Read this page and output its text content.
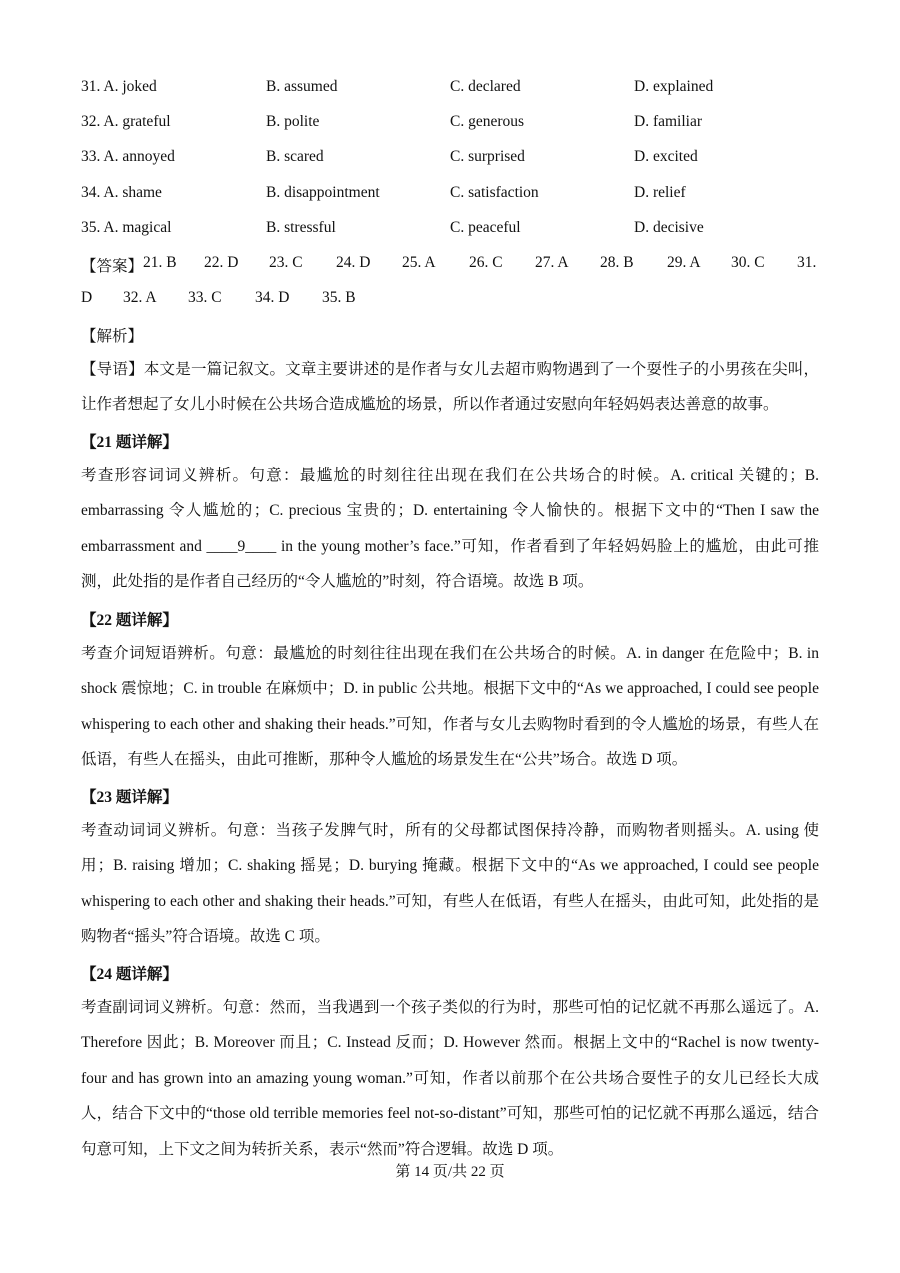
31. A. joked	B. assumed	C. declared	D. explained
32. A. grateful	B. polite	C. generous	D. familiar
33. A. annoyed	B. scared	C. surprised	D. excited
34. A. shame	B. disappointment	C. satisfaction	D. relief
35. A. magical	B. stressful	C. peaceful	D. decisive
【答案】 21. B 22. D 23. C 24. D 25. A 26. C 27. A 28. B 29. A 30. C 31.
D 32. A 33. C 34. D 35. B
【解析】
【导语】本文是一篇记叙文。文章主要讲述的是作者与女儿去超市购物遇到了一个耍性子的小男孩在尖叫，让作者想起了女儿小时候在公共场合造成尴尬的场景，所以作者通过安慰向年轻妈妈表达善意的故事。
【21 题详解】
考查形容词词义辨析。句意：最尴尬的时刻往往出现在我们在公共场合的时候。A. critical 关键的；B. embarrassing 令人尴尬的；C. precious 宝贵的；D. entertaining 令人愉快的。根据下文中的“Then I saw the embarrassment and ____9____ in the young mother’s face.”可知，作者看到了年轻妈妈脸上的尴尬，由此可推测，此处指的是作者自己经历的“令人尴尬的”时刻，符合语境。故选 B 项。
【22 题详解】
考查介词短语辨析。句意：最尴尬的时刻往往出现在我们在公共场合的时候。A. in danger 在危险中；B. in shock 震惊地；C. in trouble 在麻烦中；D. in public 公共地。根据下文中的“As we approached, I could see people whispering to each other and shaking their heads.”可知，作者与女儿去购物时看到的令人尴尬的场景，有些人在低语，有些人在摇头，由此可推断，那种令人尴尬的场景发生在“公共”场合。故选 D 项。
【23 题详解】
考查动词词义辨析。句意：当孩子发脾气时，所有的父母都试图保持冷静，而购物者则摇头。A. using 使用；B. raising 增加；C. shaking 摇晃；D. burying 掩藏。根据下文中的“As we approached, I could see people whispering to each other and shaking their heads.”可知，有些人在低语，有些人在摇头，由此可知，此处指的是购物者“摇头”符合语境。故选 C 项。
【24 题详解】
考查副词词义辨析。句意：然而，当我遇到一个孩子类似的行为时，那些可怕的记忆就不再那么遥远了。A. Therefore 因此；B. Moreover 而且；C. Instead 反而；D. However 然而。根据上文中的“Rachel is now twenty-four and has grown into an amazing young woman.”可知，作者以前那个在公共场合耍性子的女儿已经长大成人，结合下文中的“those old terrible memories feel not-so-distant”可知，那些可怕的记忆就不再那么遥远，结合句意可知，上下文之间为转折关系，表示“然而”符合逻辑。故选 D 项。
第 14 页/共 22 页
